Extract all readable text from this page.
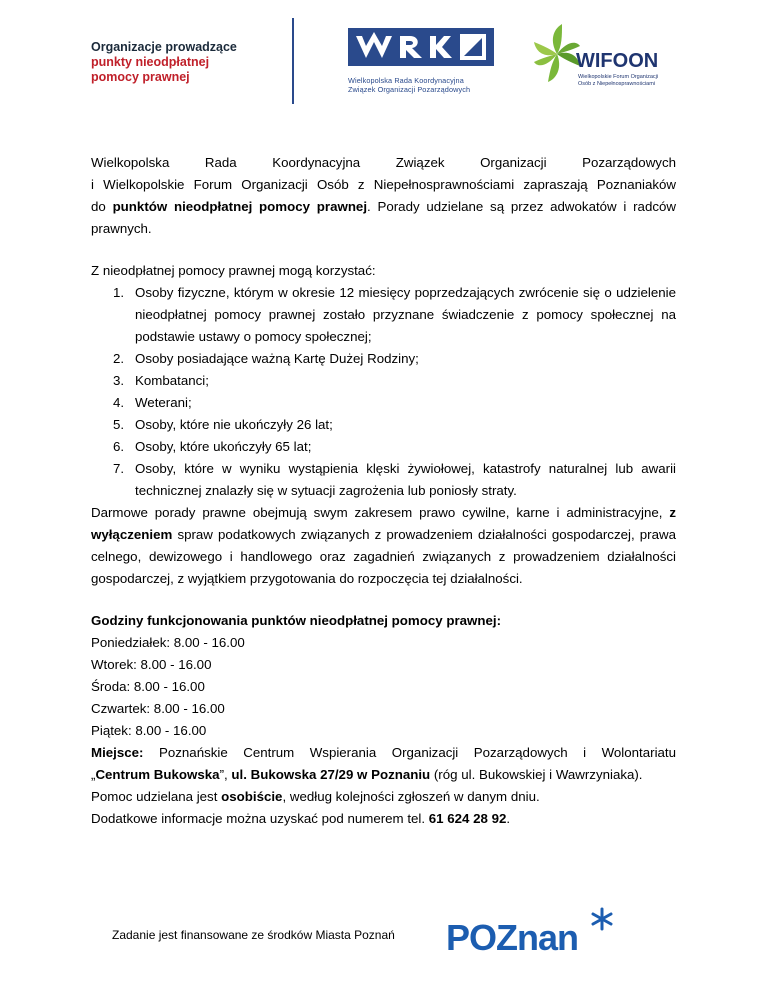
Organizacje prowadzące
punkty nieodpłatnej
pomocy prawnej	Wielkopolska Rada Koordynacyjna
Związek Organizacji Pozarządowych
WIFOON
Wielkopolskie Forum Organizacji
Osób z Niepełnosprawnościami

Wielkopolska Rada Koordynacyjna Związek Organizacji Pozarządowych

i Wielkopolskie Forum Organizacji Osób z Niepełnosprawnościami zapraszają Poznaniaków

do punktów nieodpłatnej pomocy prawnej. Porady udzielane są przez adwokatów i radców prawnych.

Z nieodpłatnej pomocy prawnej mogą korzystać:

1. Osoby fizyczne, którym w okresie 12 miesięcy poprzedzających zwrócenie się o udzielenie nieodpłatnej pomocy prawnej zostało przyznane świadczenie z pomocy społecznej na podstawie ustawy o pomocy społecznej;
2. Osoby posiadające ważną Kartę Dużej Rodziny;
3. Kombatanci;
4. Weterani;
5. Osoby, które nie ukończyły 26 lat;
6. Osoby, które ukończyły 65 lat;
7. Osoby, które w wyniku wystąpienia klęski żywiołowej, katastrofy naturalnej lub awarii technicznej znalazły się w sytuacji zagrożenia lub poniosły straty.

Darmowe porady prawne obejmują swym zakresem prawo cywilne, karne i administracyjne, z wyłączeniem spraw podatkowych związanych z prowadzeniem działalności gospodarczej, prawa celnego, dewizowego i handlowego oraz zagadnień związanych z prowadzeniem działalności gospodarczej, z wyjątkiem przygotowania do rozpoczęcia tej działalności.

Godziny funkcjonowania punktów nieodpłatnej pomocy prawnej:

Poniedziałek: 8.00 - 16.00

Wtorek: 8.00 - 16.00

Środa: 8.00 - 16.00

Czwartek: 8.00 - 16.00

Piątek: 8.00 - 16.00

Miejsce: Poznańskie Centrum Wspierania Organizacji Pozarządowych i Wolontariatu

„Centrum Bukowska”, ul. Bukowska 27/29 w Poznaniu (róg ul. Bukowskiej i Wawrzyniaka).

Pomoc udzielana jest osobiście, według kolejności zgłoszeń w danym dniu.

Dodatkowe informacje można uzyskać pod numerem tel. 61 624 28 92.

Zadanie jest finansowane ze środków Miasta Poznań POZnan
